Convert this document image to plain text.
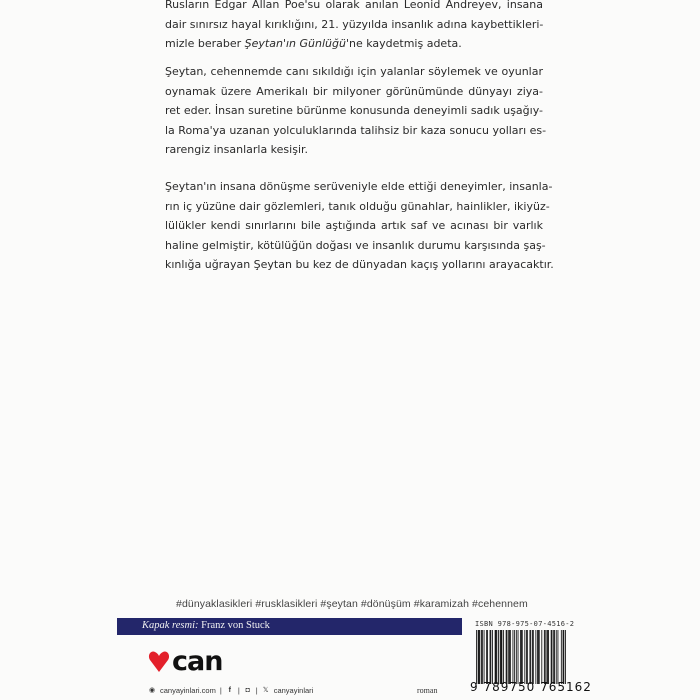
Rusların Edgar Allan Poe'su olarak anılan Leonid Andreyev, insana
dair sınırsız hayal kırıklığını, 21. yüzyılda insanlık adına kaybettikleri-
mizle beraber Şeytan'ın Günlüğü'ne kaydetmiş adeta.
Şeytan, cehennemde canı sıkıldığı için yalanlar söylemek ve oyunlar
oynamak üzere Amerikalı bir milyoner görünümünde dünyayı ziya-
ret eder. İnsan suretine bürünme konusunda deneyimli sadık uşağıy-
la Roma'ya uzanan yolculuklarında talihsiz bir kaza sonucu yolları es-
rarengiz insanlarla kesişir.
Şeytan'ın insana dönüşme serüveniyle elde ettiği deneyimler, insanla-
rın iç yüzüne dair gözlemleri, tanık olduğu günahlar, hainlikler, ikiyüz-
lülükler kendi sınırlarını bile aştığında artık saf ve acınası bir varlık
haline gelmiştir, kötülüğün doğası ve insanlık durumu karşısında şaş-
kınlığa uğrayan Şeytan bu kez de dünyadan kaçış yollarını arayacaktır.
#dünyaklasikleri #rusklasikleri #şeytan #dönüşüm #karamizah #cehennem
Kapak resmi: Franz von Stuck
can
◉ canyayinlari.com | f | ◘ | 𝕏 canyayinlari	roman
ISBN 978-975-07-4516-2
9 789750 765162
